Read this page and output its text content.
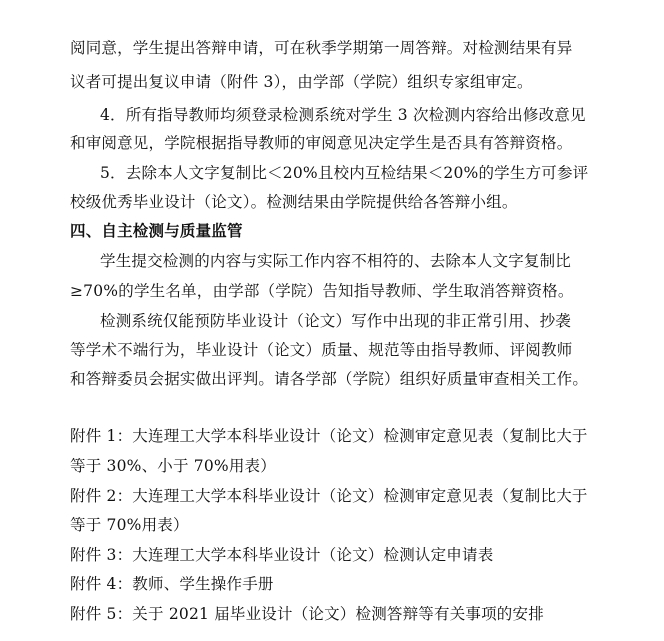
阅同意，学生提出答辩申请，可在秋季学期第一周答辩。对检测结果有异
议者可提出复议申请（附件 3），由学部（学院）组织专家组审定。
4．所有指导教师均须登录检测系统对学生 3 次检测内容给出修改意见
和审阅意见，学院根据指导教师的审阅意见决定学生是否具有答辩资格。
5．去除本人文字复制比＜20%且校内互检结果＜20%的学生方可参评
校级优秀毕业设计（论文）。检测结果由学院提供给各答辩小组。
四、自主检测与质量监管
学生提交检测的内容与实际工作内容不相符的、去除本人文字复制比
≥70%的学生名单，由学部（学院）告知指导教师、学生取消答辩资格。
检测系统仅能预防毕业设计（论文）写作中出现的非正常引用、抄袭
等学术不端行为，毕业设计（论文）质量、规范等由指导教师、评阅教师
和答辩委员会据实做出评判。请各学部（学院）组织好质量审查相关工作。
附件 1：大连理工大学本科毕业设计（论文）检测审定意见表（复制比大于
等于 30%、小于 70%用表）
附件 2：大连理工大学本科毕业设计（论文）检测审定意见表（复制比大于
等于 70%用表）
附件 3：大连理工大学本科毕业设计（论文）检测认定申请表
附件 4：教师、学生操作手册
附件 5：关于 2021 届毕业设计（论文）检测答辩等有关事项的安排
